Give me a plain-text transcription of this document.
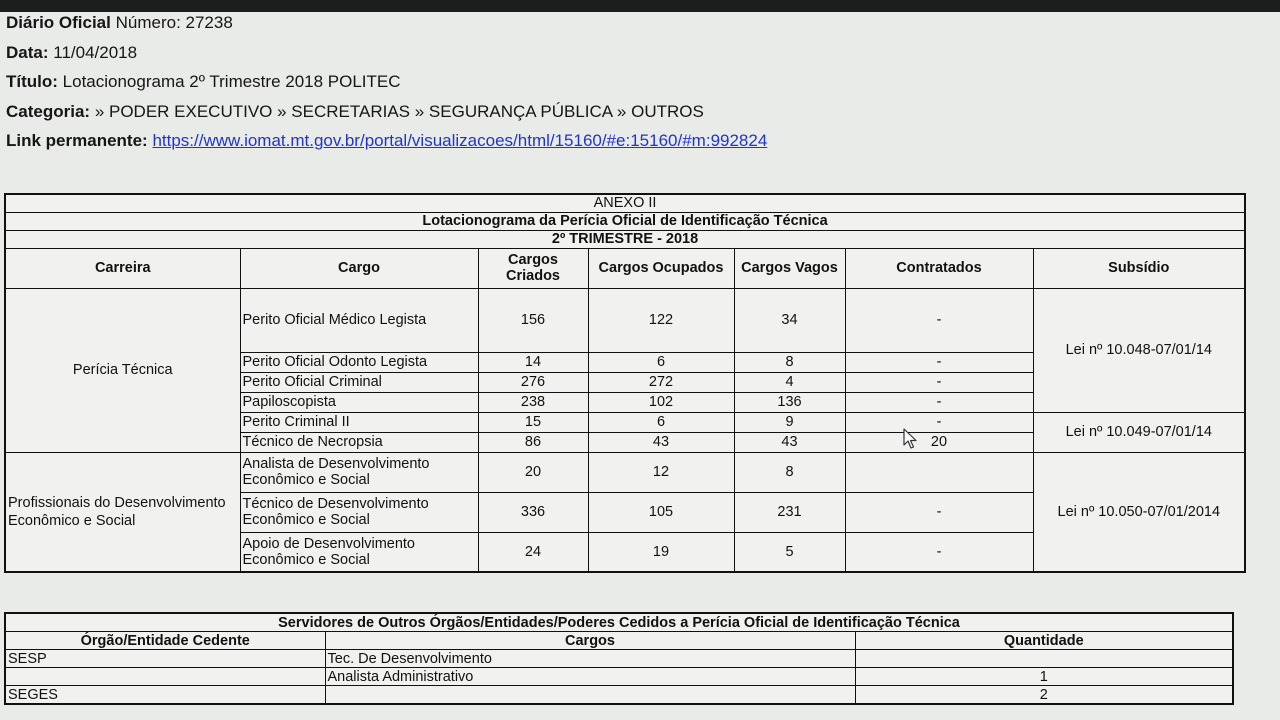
Diário Oficial Número: 27238
Data: 11/04/2018
Título: Lotacionograma 2º Trimestre 2018 POLITEC
Categoria: » PODER EXECUTIVO » SECRETARIAS » SEGURANÇA PÚBLICA » OUTROS
Link permanente: https://www.iomat.mt.gov.br/portal/visualizacoes/html/15160/#e:15160/#m:992824
ANEXO II						
Lotacionograma da Perícia Oficial de Identificação Técnica						
2º TRIMESTRE - 2018						
Carreira	Cargo	Cargos Criados	Cargos Ocupados	Cargos Vagos	Contratados	Subsídio
Perícia Técnica	Perito Oficial Médico Legista	156	122	34	-	Lei nº 10.048-07/01/14
	Perito Oficial Odonto Legista	14	6	8	-	
	Perito Oficial Criminal	276	272	4	-	
	Papiloscopista	238	102	136	-	
	Perito Criminal II	15	6	9	-	Lei nº 10.049-07/01/14
	Técnico de Necropsia	86	43	43	20	
Profissionais do Desenvolvimento Econômico e Social	Analista de Desenvolvimento Econômico e Social	20	12	8		Lei nº 10.050-07/01/2014
	Técnico de Desenvolvimento Econômico e Social	336	105	231	-	
	Apoio de Desenvolvimento Econômico e Social	24	19	5	-	
Servidores de Outros Órgãos/Entidades/Poderes Cedidos a Perícia Oficial de Identificação Técnica		
Órgão/Entidade Cedente	Cargos	Quantidade
SESP	Tec. De Desenvolvimento	
	Analista Administrativo	1
SEGES		2
